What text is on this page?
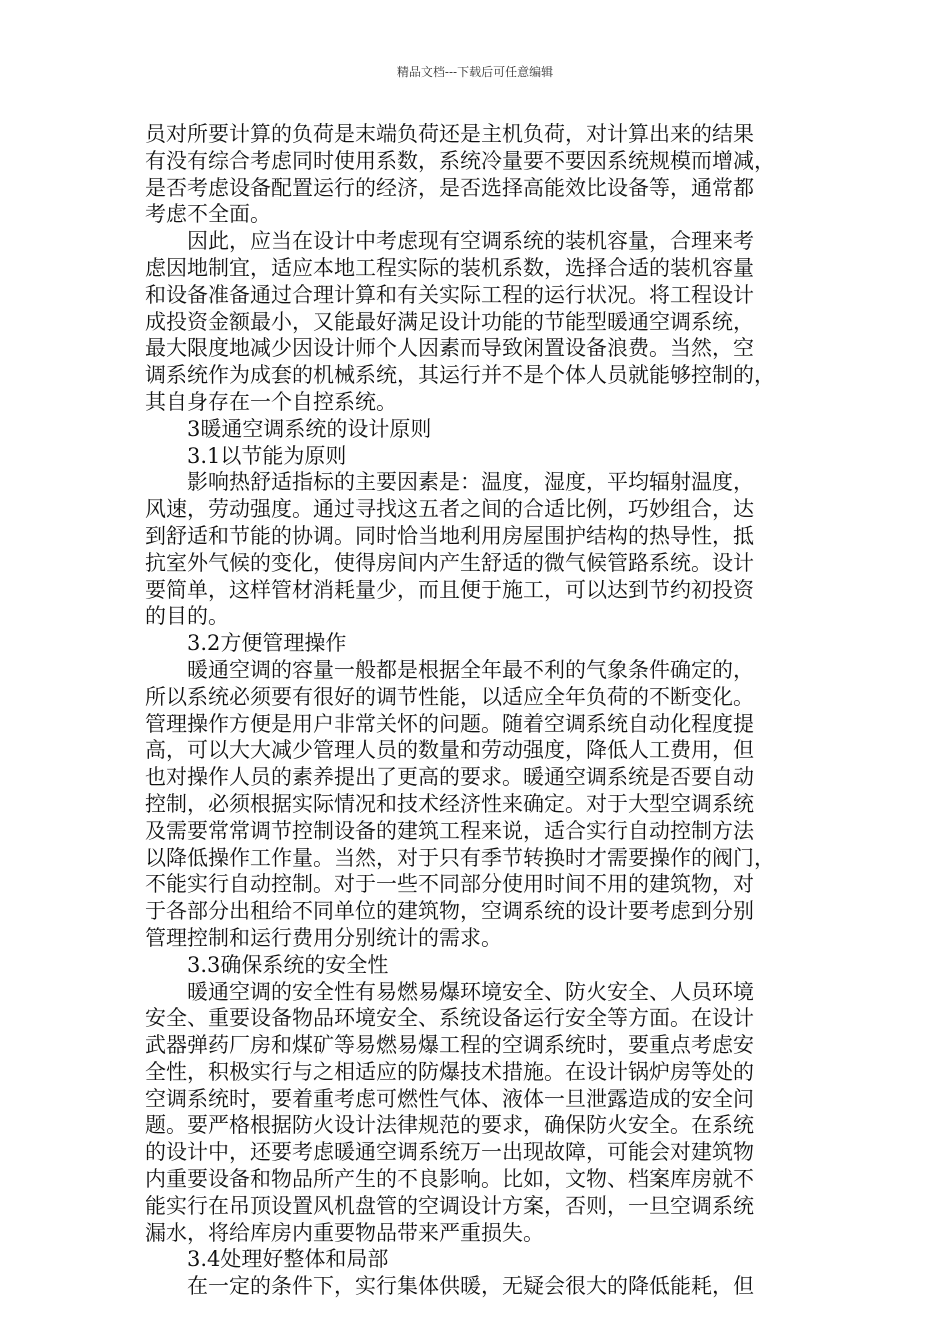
精品文档---下载后可任意编辑
员对所要计算的负荷是末端负荷还是主机负荷，对计算出来的结果
有没有综合考虑同时使用系数，系统冷量要不要因系统规模而增减，
是否考虑设备配置运行的经济，是否选择高能效比设备等，通常都
考虑不全面。
因此，应当在设计中考虑现有空调系统的装机容量，合理来考
虑因地制宜，适应本地工程实际的装机系数，选择合适的装机容量
和设备准备通过合理计算和有关实际工程的运行状况。将工程设计
成投资金额最小，又能最好满足设计功能的节能型暖通空调系统，
最大限度地减少因设计师个人因素而导致闲置设备浪费。当然，空
调系统作为成套的机械系统，其运行并不是个体人员就能够控制的，
其自身存在一个自控系统。
3暖通空调系统的设计原则
3.1以节能为原则
影响热舒适指标的主要因素是：温度，湿度，平均辐射温度，
风速，劳动强度。通过寻找这五者之间的合适比例，巧妙组合，达
到舒适和节能的协调。同时恰当地利用房屋围护结构的热导性，抵
抗室外气候的变化，使得房间内产生舒适的微气候管路系统。设计
要简单，这样管材消耗量少，而且便于施工，可以达到节约初投资
的目的。
3.2方便管理操作
暖通空调的容量一般都是根据全年最不利的气象条件确定的，
所以系统必须要有很好的调节性能，以适应全年负荷的不断变化。
管理操作方便是用户非常关怀的问题。随着空调系统自动化程度提
高，可以大大减少管理人员的数量和劳动强度，降低人工费用，但
也对操作人员的素养提出了更高的要求。暖通空调系统是否要自动
控制，必须根据实际情况和技术经济性来确定。对于大型空调系统
及需要常常调节控制设备的建筑工程来说，适合实行自动控制方法
以降低操作工作量。当然，对于只有季节转换时才需要操作的阀门，
不能实行自动控制。对于一些不同部分使用时间不用的建筑物，对
于各部分出租给不同单位的建筑物，空调系统的设计要考虑到分别
管理控制和运行费用分别统计的需求。
3.3确保系统的安全性
暖通空调的安全性有易燃易爆环境安全、防火安全、人员环境
安全、重要设备物品环境安全、系统设备运行安全等方面。在设计
武器弹药厂房和煤矿等易燃易爆工程的空调系统时，要重点考虑安
全性，积极实行与之相适应的防爆技术措施。在设计锅炉房等处的
空调系统时，要着重考虑可燃性气体、液体一旦泄露造成的安全问
题。要严格根据防火设计法律规范的要求，确保防火安全。在系统
的设计中，还要考虑暖通空调系统万一出现故障，可能会对建筑物
内重要设备和物品所产生的不良影响。比如，文物、档案库房就不
能实行在吊顶设置风机盘管的空调设计方案，否则，一旦空调系统
漏水，将给库房内重要物品带来严重损失。
3.4处理好整体和局部
在一定的条件下，实行集体供暖，无疑会很大的降低能耗，但
